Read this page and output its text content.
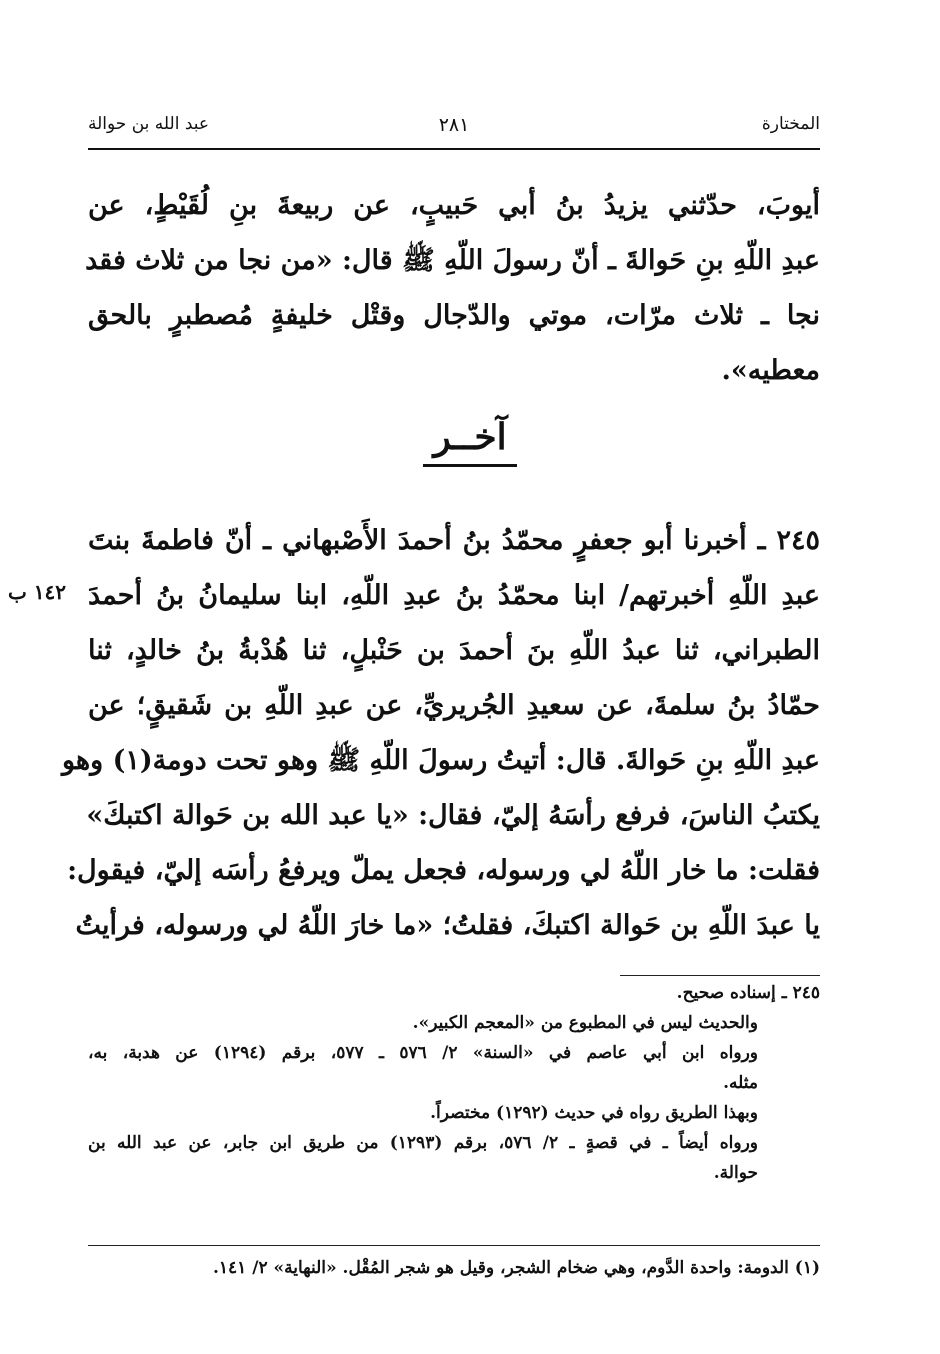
المختارة
٢٨١
عبد الله بن حوالة
أيوبَ، حدّثني يزيدُ بنُ أبي حَبيبٍ، عن ربيعةَ بنِ لُقَيْطٍ، عن
عبدِ اللّهِ بنِ حَوالةَ ـ أنّ رسولَ اللّهِ ﷺ قال: «من نجا من ثلاث فقد
نجا ـ ثلاث مرّات، موتي والدّجال وقتْل خليفةٍ مُصطبرٍ بالحق
معطيه».
٢٤٥ ـ أخبرنا أبو جعفرٍ محمّدُ بنُ أحمدَ الأَصْبهاني ـ أنّ فاطمةَ بنتَ
عبدِ اللّهِ أخبرتهم/ ابنا محمّدُ بنُ عبدِ اللّهِ، ابنا سليمانُ بنُ أحمدَ
الطبراني، ثنا عبدُ اللّهِ بنَ أحمدَ بن حَنْبلٍ، ثنا هُدْبةُ بنُ خالدٍ، ثنا
حمّادُ بنُ سلمةَ، عن سعيدِ الجُريريِّ، عن عبدِ اللّهِ بن شَقيقٍ؛ عن
عبدِ اللّهِ بنِ حَوالةَ. قال: أتيتُ رسولَ اللّهِ ﷺ وهو تحت دومة(١) وهو
يكتبُ الناسَ، فرفع رأسَهُ إليّ، فقال: «يا عبد الله بن حَوالة اكتبكَ»
فقلت: ما خار اللّهُ لي ورسوله، فجعل يملّ ويرفعُ رأسَه إليّ، فيقول:
يا عبدَ اللّهِ بن حَوالة اكتبكَ، فقلتُ؛ «ما خارَ اللّهُ لي ورسوله، فرأيتُ
آخــر
١٤٢ ب
٢٤٥ ـ إسناده صحيح.
والحديث ليس في المطبوع من «المعجم الكبير».
ورواه ابن أبي عاصم في «السنة» ٢/ ٥٧٦ ـ ٥٧٧، برقم (١٢٩٤) عن هدبة، به،
مثله.
وبهذا الطريق رواه في حديث (١٢٩٢) مختصراً.
ورواه أيضاً ـ في قصةٍ ـ ٢/ ٥٧٦، برقم (١٢٩٣) من طريق ابن جابر، عن عبد الله بن
حوالة.
(١) الدومة: واحدة الدَّوم، وهي ضخام الشجر، وقيل هو شجر المُقْل. «النهاية» ٢/ ١٤١.
